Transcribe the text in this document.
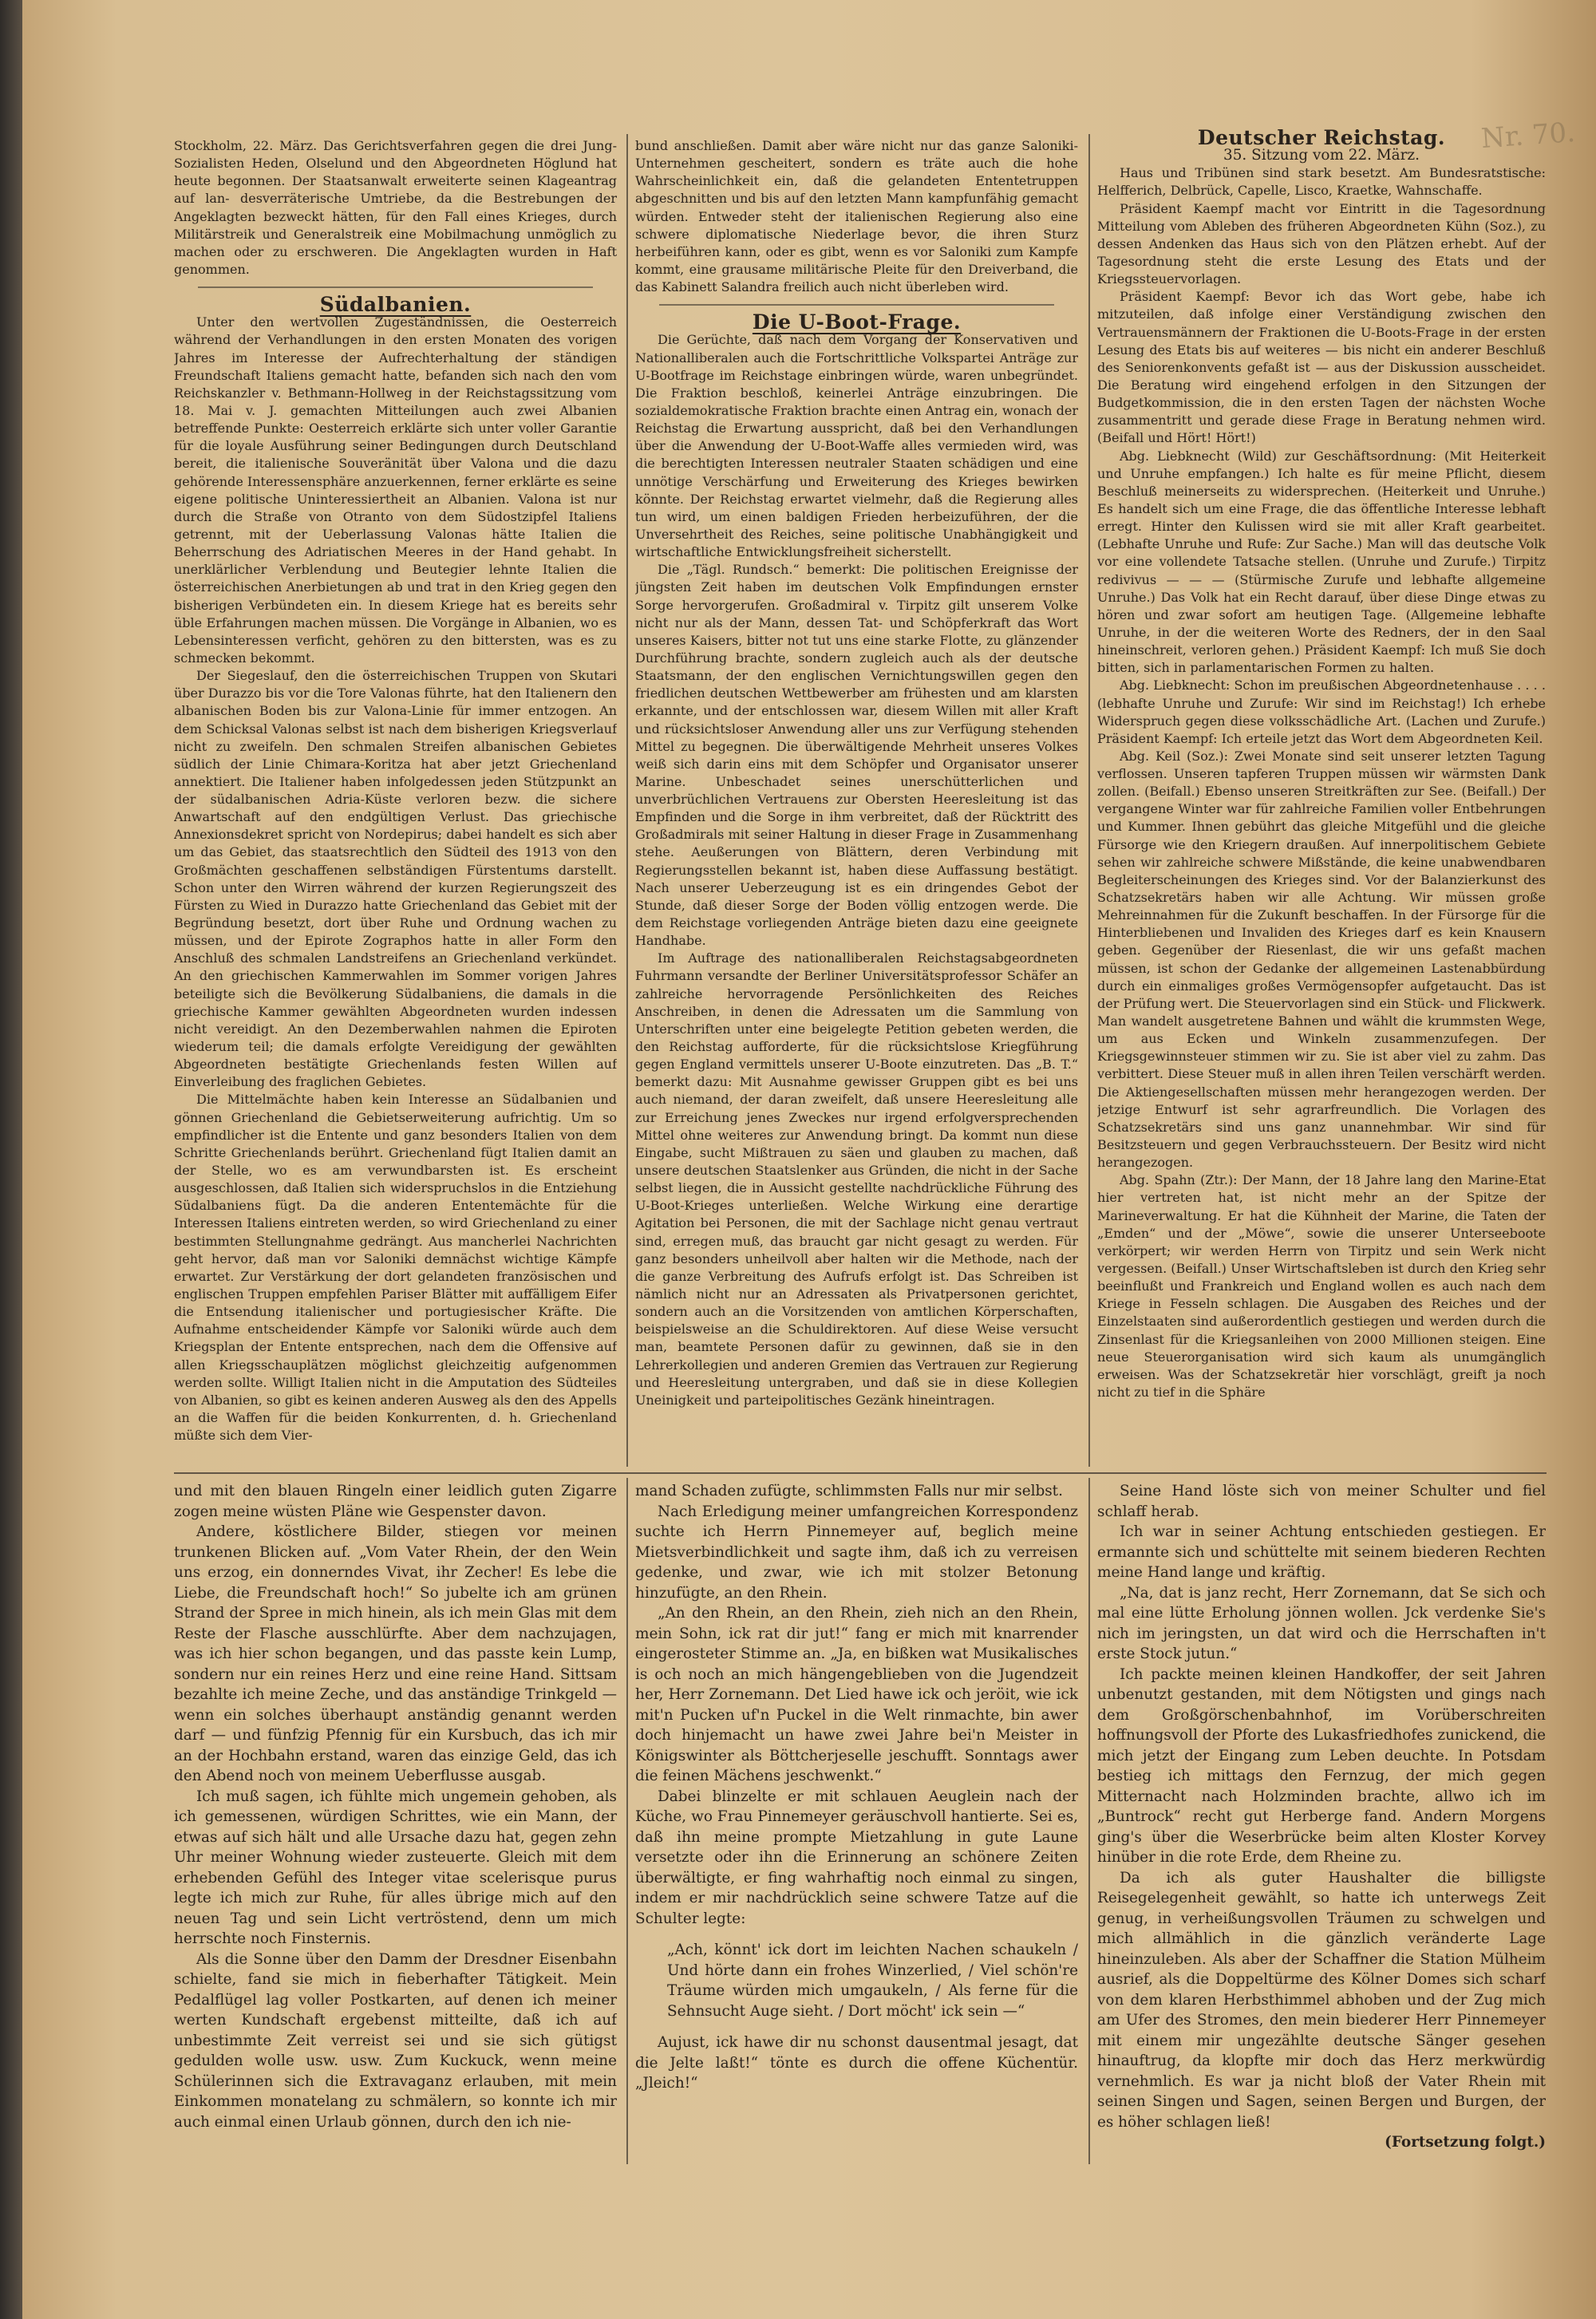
Nr. 70.

Stockholm, 22. März. Das Gerichtsverfahren gegen die drei Jung-Sozialisten Heden, Olselund und den Abgeordneten Höglund hat heute begonnen. Der Staatsanwalt erweiterte seinen Klageantrag auf lan- desverräterische Umtriebe, da die Bestrebungen der Angeklagten bezweckt hätten, für den Fall eines Krieges, durch Militärstreik und Generalstreik eine Mobilmachung unmöglich zu machen oder zu erschweren. Die Angeklagten wurden in Haft genommen.

Südalbanien.

Unter den wertvollen Zugeständnissen, die Oesterreich während der Verhandlungen in den ersten Monaten des vorigen Jahres im Interesse der Aufrechterhaltung der ständigen Freundschaft Italiens gemacht hatte, befanden sich nach den vom Reichskanzler v. Bethmann-Hollweg in der Reichstagssitzung vom 18. Mai v. J. gemachten Mitteilungen auch zwei Albanien betreffende Punkte: Oesterreich erklärte sich unter voller Garantie für die loyale Ausführung seiner Bedingungen durch Deutschland bereit, die italienische Souveränität über Valona und die dazu gehörende Interessensphäre anzuerkennen, ferner erklärte es seine eigene politische Uninteressiertheit an Albanien. Valona ist nur durch die Straße von Otranto von dem Südostzipfel Italiens getrennt, mit der Ueberlassung Valonas hätte Italien die Beherrschung des Adriatischen Meeres in der Hand gehabt. In unerklärlicher Verblendung und Beutegier lehnte Italien die österreichischen Anerbietungen ab und trat in den Krieg gegen den bisherigen Verbündeten ein. In diesem Kriege hat es bereits sehr üble Erfahrungen machen müssen. Die Vorgänge in Albanien, wo es Lebensinteressen verficht, gehören zu den bittersten, was es zu schmecken bekommt.

Der Siegeslauf, den die österreichischen Truppen von Skutari über Durazzo bis vor die Tore Valonas führte, hat den Italienern den albanischen Boden bis zur Valona-Linie für immer entzogen. An dem Schicksal Valonas selbst ist nach dem bisherigen Kriegsverlauf nicht zu zweifeln. Den schmalen Streifen albanischen Gebietes südlich der Linie Chimara-Koritza hat aber jetzt Griechenland annektiert. Die Italiener haben infolgedessen jeden Stützpunkt an der südalbanischen Adria-Küste verloren bezw. die sichere Anwartschaft auf den endgültigen Verlust. Das griechische Annexionsdekret spricht von Nordepirus; dabei handelt es sich aber um das Gebiet, das staatsrechtlich den Südteil des 1913 von den Großmächten geschaffenen selbständigen Fürstentums darstellt. Schon unter den Wirren während der kurzen Regierungszeit des Fürsten zu Wied in Durazzo hatte Griechenland das Gebiet mit der Begründung besetzt, dort über Ruhe und Ordnung wachen zu müssen, und der Epirote Zographos hatte in aller Form den Anschluß des schmalen Landstreifens an Griechenland verkündet. An den griechischen Kammerwahlen im Sommer vorigen Jahres beteiligte sich die Bevölkerung Südalbaniens, die damals in die griechische Kammer gewählten Abgeordneten wurden indessen nicht vereidigt. An den Dezemberwahlen nahmen die Epiroten wiederum teil; die damals erfolgte Vereidigung der gewählten Abgeordneten bestätigte Griechenlands festen Willen auf Einverleibung des fraglichen Gebietes.

Die Mittelmächte haben kein Interesse an Südalbanien und gönnen Griechenland die Gebietserweiterung aufrichtig. Um so empfindlicher ist die Entente und ganz besonders Italien von dem Schritte Griechenlands berührt. Griechenland fügt Italien damit an der Stelle, wo es am verwundbarsten ist. Es erscheint ausgeschlossen, daß Italien sich widerspruchslos in die Entziehung Südalbaniens fügt. Da die anderen Ententemächte für die Interessen Italiens eintreten werden, so wird Griechenland zu einer bestimmten Stellungnahme gedrängt. Aus mancherlei Nachrichten geht hervor, daß man vor Saloniki demnächst wichtige Kämpfe erwartet. Zur Verstärkung der dort gelandeten französischen und englischen Truppen empfehlen Pariser Blätter mit auffälligem Eifer die Entsendung italienischer und portugiesischer Kräfte. Die Aufnahme entscheidender Kämpfe vor Saloniki würde auch dem Kriegsplan der Entente entsprechen, nach dem die Offensive auf allen Kriegsschauplätzen möglichst gleichzeitig aufgenommen werden sollte. Willigt Italien nicht in die Amputation des Südteiles von Albanien, so gibt es keinen anderen Ausweg als den des Appells an die Waffen für die beiden Konkurrenten, d. h. Griechenland müßte sich dem Vier-

bund anschließen. Damit aber wäre nicht nur das ganze Saloniki-Unternehmen gescheitert, sondern es träte auch die hohe Wahrscheinlichkeit ein, daß die gelandeten Ententetruppen abgeschnitten und bis auf den letzten Mann kampfunfähig gemacht würden. Entweder steht der italienischen Regierung also eine schwere diplomatische Niederlage bevor, die ihren Sturz herbeiführen kann, oder es gibt, wenn es vor Saloniki zum Kampfe kommt, eine grausame militärische Pleite für den Dreiverband, die das Kabinett Salandra freilich auch nicht überleben wird.

Die U-Boot-Frage.

Die Gerüchte, daß nach dem Vorgang der Konservativen und Nationalliberalen auch die Fortschrittliche Volkspartei Anträge zur U-Bootfrage im Reichstage einbringen würde, waren unbegründet. Die Fraktion beschloß, keinerlei Anträge einzubringen. Die sozialdemokratische Fraktion brachte einen Antrag ein, wonach der Reichstag die Erwartung ausspricht, daß bei den Verhandlungen über die Anwendung der U-Boot-Waffe alles vermieden wird, was die berechtigten Interessen neutraler Staaten schädigen und eine unnötige Verschärfung und Erweiterung des Krieges bewirken könnte. Der Reichstag erwartet vielmehr, daß die Regierung alles tun wird, um einen baldigen Frieden herbeizuführen, der die Unversehrtheit des Reiches, seine politische Unabhängigkeit und wirtschaftliche Entwicklungsfreiheit sicherstellt.

Die „Tägl. Rundsch.“ bemerkt: Die politischen Ereignisse der jüngsten Zeit haben im deutschen Volk Empfindungen ernster Sorge hervorgerufen. Großadmiral v. Tirpitz gilt unserem Volke nicht nur als der Mann, dessen Tat- und Schöpferkraft das Wort unseres Kaisers, bitter not tut uns eine starke Flotte, zu glänzender Durchführung brachte, sondern zugleich auch als der deutsche Staatsmann, der den englischen Vernichtungswillen gegen den friedlichen deutschen Wettbewerber am frühesten und am klarsten erkannte, und der entschlossen war, diesem Willen mit aller Kraft und rücksichtsloser Anwendung aller uns zur Verfügung stehenden Mittel zu begegnen. Die überwältigende Mehrheit unseres Volkes weiß sich darin eins mit dem Schöpfer und Organisator unserer Marine. Unbeschadet seines unerschütterlichen und unverbrüchlichen Vertrauens zur Obersten Heeresleitung ist das Empfinden und die Sorge in ihm verbreitet, daß der Rücktritt des Großadmirals mit seiner Haltung in dieser Frage in Zusammenhang stehe. Aeußerungen von Blättern, deren Verbindung mit Regierungsstellen bekannt ist, haben diese Auffassung bestätigt. Nach unserer Ueberzeugung ist es ein dringendes Gebot der Stunde, daß dieser Sorge der Boden völlig entzogen werde. Die dem Reichstage vorliegenden Anträge bieten dazu eine geeignete Handhabe.

Im Auftrage des nationalliberalen Reichstagsabgeordneten Fuhrmann versandte der Berliner Universitätsprofessor Schäfer an zahlreiche hervorragende Persönlichkeiten des Reiches Anschreiben, in denen die Adressaten um die Sammlung von Unterschriften unter eine beigelegte Petition gebeten werden, die den Reichstag aufforderte, für die rücksichtslose Kriegführung gegen England vermittels unserer U-Boote einzutreten. Das „B. T.“ bemerkt dazu: Mit Ausnahme gewisser Gruppen gibt es bei uns auch niemand, der daran zweifelt, daß unsere Heeresleitung alle zur Erreichung jenes Zweckes nur irgend erfolgversprechenden Mittel ohne weiteres zur Anwendung bringt. Da kommt nun diese Eingabe, sucht Mißtrauen zu säen und glauben zu machen, daß unsere deutschen Staatslenker aus Gründen, die nicht in der Sache selbst liegen, die in Aussicht gestellte nachdrückliche Führung des U-Boot-Krieges unterließen. Welche Wirkung eine derartige Agitation bei Personen, die mit der Sachlage nicht genau vertraut sind, erregen muß, das braucht gar nicht gesagt zu werden. Für ganz besonders unheilvoll aber halten wir die Methode, nach der die ganze Verbreitung des Aufrufs erfolgt ist. Das Schreiben ist nämlich nicht nur an Adressaten als Privatpersonen gerichtet, sondern auch an die Vorsitzenden von amtlichen Körperschaften, beispielsweise an die Schuldirektoren. Auf diese Weise versucht man, beamtete Personen dafür zu gewinnen, daß sie in den Lehrerkollegien und anderen Gremien das Vertrauen zur Regierung und Heeresleitung untergraben, und daß sie in diese Kollegien Uneinigkeit und parteipolitisches Gezänk hineintragen.

Deutscher Reichstag.

35. Sitzung vom 22. März.

Haus und Tribünen sind stark besetzt. Am Bundesratstische: Helfferich, Delbrück, Capelle, Lisco, Kraetke, Wahnschaffe.

Präsident Kaempf macht vor Eintritt in die Tagesordnung Mitteilung vom Ableben des früheren Abgeordneten Kühn (Soz.), zu dessen Andenken das Haus sich von den Plätzen erhebt. Auf der Tagesordnung steht die erste Lesung des Etats und der Kriegssteuervorlagen.

Präsident Kaempf: Bevor ich das Wort gebe, habe ich mitzuteilen, daß infolge einer Verständigung zwischen den Vertrauensmännern der Fraktionen die U-Boots-Frage in der ersten Lesung des Etats bis auf weiteres — bis nicht ein anderer Beschluß des Seniorenkonvents gefaßt ist — aus der Diskussion ausscheidet. Die Beratung wird eingehend erfolgen in den Sitzungen der Budgetkommission, die in den ersten Tagen der nächsten Woche zusammentritt und gerade diese Frage in Beratung nehmen wird. (Beifall und Hört! Hört!)

Abg. Liebknecht (Wild) zur Geschäftsordnung: (Mit Heiterkeit und Unruhe empfangen.) Ich halte es für meine Pflicht, diesem Beschluß meinerseits zu widersprechen. (Heiterkeit und Unruhe.) Es handelt sich um eine Frage, die das öffentliche Interesse lebhaft erregt. Hinter den Kulissen wird sie mit aller Kraft gearbeitet. (Lebhafte Unruhe und Rufe: Zur Sache.) Man will das deutsche Volk vor eine vollendete Tatsache stellen. (Unruhe und Zurufe.) Tirpitz redivivus — — — (Stürmische Zurufe und lebhafte allgemeine Unruhe.) Das Volk hat ein Recht darauf, über diese Dinge etwas zu hören und zwar sofort am heutigen Tage. (Allgemeine lebhafte Unruhe, in der die weiteren Worte des Redners, der in den Saal hineinschreit, verloren gehen.) Präsident Kaempf: Ich muß Sie doch bitten, sich in parlamentarischen Formen zu halten.

Abg. Liebknecht: Schon im preußischen Abgeordnetenhause . . . . (lebhafte Unruhe und Zurufe: Wir sind im Reichstag!) Ich erhebe Widerspruch gegen diese volksschädliche Art. (Lachen und Zurufe.) Präsident Kaempf: Ich erteile jetzt das Wort dem Abgeordneten Keil.

Abg. Keil (Soz.): Zwei Monate sind seit unserer letzten Tagung verflossen. Unseren tapferen Truppen müssen wir wärmsten Dank zollen. (Beifall.) Ebenso unseren Streitkräften zur See. (Beifall.) Der vergangene Winter war für zahlreiche Familien voller Entbehrungen und Kummer. Ihnen gebührt das gleiche Mitgefühl und die gleiche Fürsorge wie den Kriegern draußen. Auf innerpolitischem Gebiete sehen wir zahlreiche schwere Mißstände, die keine unabwendbaren Begleiterscheinungen des Krieges sind. Vor der Balanzierkunst des Schatzsekretärs haben wir alle Achtung. Wir müssen große Mehreinnahmen für die Zukunft beschaffen. In der Fürsorge für die Hinterbliebenen und Invaliden des Krieges darf es kein Knausern geben. Gegenüber der Riesenlast, die wir uns gefaßt machen müssen, ist schon der Gedanke der allgemeinen Lastenabbürdung durch ein einmaliges großes Vermögensopfer aufgetaucht. Das ist der Prüfung wert. Die Steuervorlagen sind ein Stück- und Flickwerk. Man wandelt ausgetretene Bahnen und wählt die krummsten Wege, um aus Ecken und Winkeln zusammenzufegen. Der Kriegsgewinnsteuer stimmen wir zu. Sie ist aber viel zu zahm. Das verbittert. Diese Steuer muß in allen ihren Teilen verschärft werden. Die Aktiengesellschaften müssen mehr herangezogen werden. Der jetzige Entwurf ist sehr agrarfreundlich. Die Vorlagen des Schatzsekretärs sind uns ganz unannehmbar. Wir sind für Besitzsteuern und gegen Verbrauchssteuern. Der Besitz wird nicht herangezogen.

Abg. Spahn (Ztr.): Der Mann, der 18 Jahre lang den Marine-Etat hier vertreten hat, ist nicht mehr an der Spitze der Marineverwaltung. Er hat die Kühnheit der Marine, die Taten der „Emden“ und der „Möwe“, sowie die unserer Unterseeboote verkörpert; wir werden Herrn von Tirpitz und sein Werk nicht vergessen. (Beifall.) Unser Wirtschaftsleben ist durch den Krieg sehr beeinflußt und Frankreich und England wollen es auch nach dem Kriege in Fesseln schlagen. Die Ausgaben des Reiches und der Einzelstaaten sind außerordentlich gestiegen und werden durch die Zinsenlast für die Kriegsanleihen von 2000 Millionen steigen. Eine neue Steuerorganisation wird sich kaum als unumgänglich erweisen. Was der Schatzsekretär hier vorschlägt, greift ja noch nicht zu tief in die Sphäre

und mit den blauen Ringeln einer leidlich guten Zigarre zogen meine wüsten Pläne wie Gespenster davon.

Andere, köstlichere Bilder, stiegen vor meinen trunkenen Blicken auf. „Vom Vater Rhein, der den Wein uns erzog, ein donnerndes Vivat, ihr Zecher! Es lebe die Liebe, die Freundschaft hoch!“ So jubelte ich am grünen Strand der Spree in mich hinein, als ich mein Glas mit dem Reste der Flasche ausschlürfte. Aber dem nachzujagen, was ich hier schon begangen, und das passte kein Lump, sondern nur ein reines Herz und eine reine Hand. Sittsam bezahlte ich meine Zeche, und das anständige Trinkgeld — wenn ein solches überhaupt anständig genannt werden darf — und fünfzig Pfennig für ein Kursbuch, das ich mir an der Hochbahn erstand, waren das einzige Geld, das ich den Abend noch von meinem Ueberflusse ausgab.

Ich muß sagen, ich fühlte mich ungemein gehoben, als ich gemessenen, würdigen Schrittes, wie ein Mann, der etwas auf sich hält und alle Ursache dazu hat, gegen zehn Uhr meiner Wohnung wieder zusteuerte. Gleich mit dem erhebenden Gefühl des Integer vitae scelerisque purus legte ich mich zur Ruhe, für alles übrige mich auf den neuen Tag und sein Licht vertröstend, denn um mich herrschte noch Finsternis.

Als die Sonne über den Damm der Dresdner Eisenbahn schielte, fand sie mich in fieberhafter Tätigkeit. Mein Pedalflügel lag voller Postkarten, auf denen ich meiner werten Kundschaft ergebenst mitteilte, daß ich auf unbestimmte Zeit verreist sei und sie sich gütigst gedulden wolle usw. usw. Zum Kuckuck, wenn meine Schülerinnen sich die Extravaganz erlauben, mit mein Einkommen monatelang zu schmälern, so konnte ich mir auch einmal einen Urlaub gönnen, durch den ich nie-

mand Schaden zufügte, schlimmsten Falls nur mir selbst.

Nach Erledigung meiner umfangreichen Korrespondenz suchte ich Herrn Pinnemeyer auf, beglich meine Mietsverbindlichkeit und sagte ihm, daß ich zu verreisen gedenke, und zwar, wie ich mit stolzer Betonung hinzufügte, an den Rhein.

„An den Rhein, an den Rhein, zieh nich an den Rhein, mein Sohn, ick rat dir jut!“ fang er mich mit knarrender eingerosteter Stimme an. „Ja, en bißken wat Musikalisches is och noch an mich hängengeblieben von die Jugendzeit her, Herr Zornemann. Det Lied hawe ick och jeröit, wie ick mit'n Pucken uf'n Puckel in die Welt rinmachte, bin awer doch hinjemacht un hawe zwei Jahre bei'n Meister in Königswinter als Böttcherjeselle jeschufft. Sonntags awer die feinen Mächens jeschwenkt.“

Dabei blinzelte er mit schlauen Aeuglein nach der Küche, wo Frau Pinnemeyer geräuschvoll hantierte. Sei es, daß ihn meine prompte Mietzahlung in gute Laune versetzte oder ihn die Erinnerung an schönere Zeiten überwältigte, er fing wahrhaftig noch einmal zu singen, indem er mir nachdrücklich seine schwere Tatze auf die Schulter legte:

„Ach, könnt' ick dort im leichten Nachen schaukeln / Und hörte dann ein frohes Winzerlied, / Viel schön're Träume würden mich umgaukeln, / Als ferne für die Sehnsucht Auge sieht. / Dort möcht' ick sein —“

Aujust, ick hawe dir nu schonst dausentmal jesagt, dat die Jelte laßt!“ tönte es durch die offene Küchentür. „Jleich!“

Seine Hand löste sich von meiner Schulter und fiel schlaff herab.

Ich war in seiner Achtung entschieden gestiegen. Er ermannte sich und schüttelte mit seinem biederen Rechten meine Hand lange und kräftig.

„Na, dat is janz recht, Herr Zornemann, dat Se sich och mal eine lütte Erholung jönnen wollen. Jck verdenke Sie's nich im jeringsten, un dat wird och die Herrschaften in't erste Stock jutun.“

Ich packte meinen kleinen Handkoffer, der seit Jahren unbenutzt gestanden, mit dem Nötigsten und gings nach dem Großgörschenbahnhof, im Vorüberschreiten hoffnungsvoll der Pforte des Lukasfriedhofes zunickend, die mich jetzt der Eingang zum Leben deuchte. In Potsdam bestieg ich mittags den Fernzug, der mich gegen Mitternacht nach Holzminden brachte, allwo ich im „Buntrock“ recht gut Herberge fand. Andern Morgens ging's über die Weserbrücke beim alten Kloster Korvey hinüber in die rote Erde, dem Rheine zu.

Da ich als guter Haushalter die billigste Reisegelegenheit gewählt, so hatte ich unterwegs Zeit genug, in verheißungsvollen Träumen zu schwelgen und mich allmählich in die gänzlich veränderte Lage hineinzuleben. Als aber der Schaffner die Station Mülheim ausrief, als die Doppeltürme des Kölner Domes sich scharf von dem klaren Herbsthimmel abhoben und der Zug mich am Ufer des Stromes, den mein biederer Herr Pinnemeyer mit einem mir ungezählte deutsche Sänger gesehen hinauftrug, da klopfte mir doch das Herz merkwürdig vernehmlich. Es war ja nicht bloß der Vater Rhein mit seinen Singen und Sagen, seinen Bergen und Burgen, der es höher schlagen ließ!

(Fortsetzung folgt.)
